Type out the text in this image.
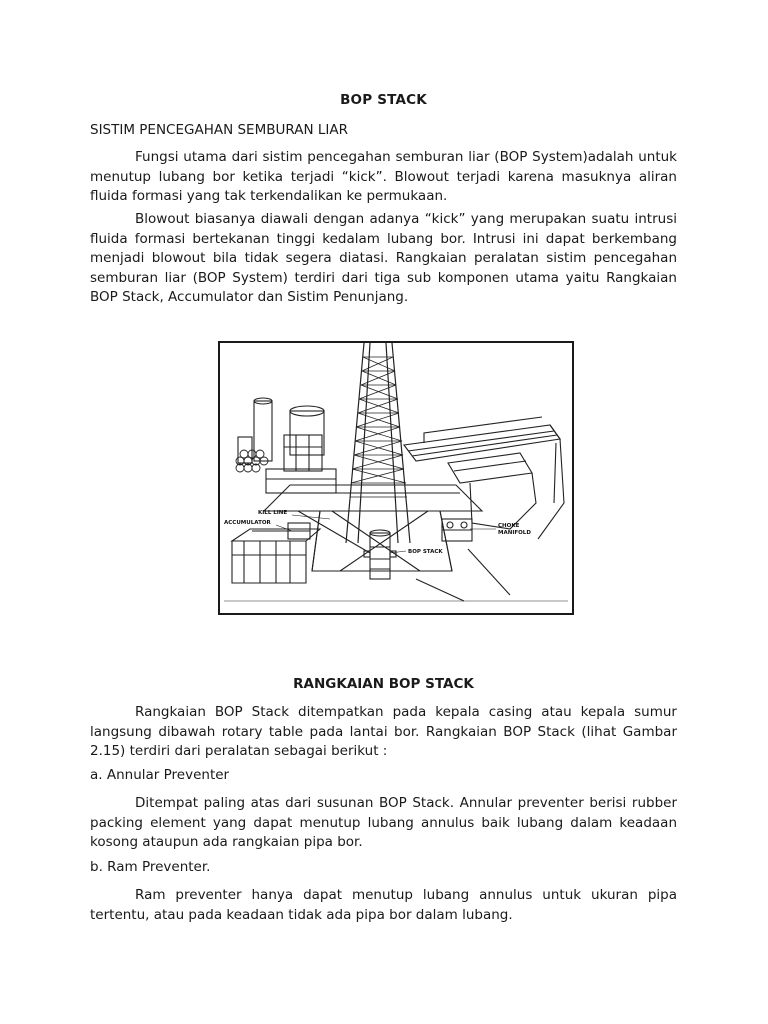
BOP STACK
SISTIM PENCEGAHAN SEMBURAN LIAR

Fungsi utama dari sistim pencegahan semburan liar (BOP System)adalah untuk menutup lubang bor ketika terjadi “kick”. Blowout terjadi karena masuknya aliran fluida formasi yang tak terkendalikan ke permukaan.

Blowout biasanya diawali dengan adanya “kick” yang merupakan suatu intrusi fluida formasi bertekanan tinggi kedalam lubang bor. Intrusi ini dapat berkembang menjadi blowout bila tidak segera diatasi. Rangkaian peralatan sistim pencegahan semburan liar (BOP System) terdiri dari tiga sub komponen utama yaitu Rangkaian BOP Stack, Accumulator dan Sistim Penunjang.

KILL LINE
ACCUMULATOR
BOP STACK
CHOKE
MANIFOLD
RANGKAIAN BOP STACK

Rangkaian BOP Stack ditempatkan pada kepala casing atau kepala sumur langsung dibawah rotary table pada lantai bor. Rangkaian BOP Stack (lihat Gambar 2.15) terdiri dari peralatan sebagai berikut :

a. Annular Preventer

Ditempat paling atas dari susunan BOP Stack. Annular preventer berisi rubber packing element yang dapat menutup lubang annulus baik lubang dalam keadaan kosong ataupun ada rangkaian pipa bor.

b. Ram Preventer.

Ram preventer hanya dapat menutup lubang annulus untuk ukuran pipa tertentu, atau pada keadaan tidak ada pipa bor dalam lubang.
